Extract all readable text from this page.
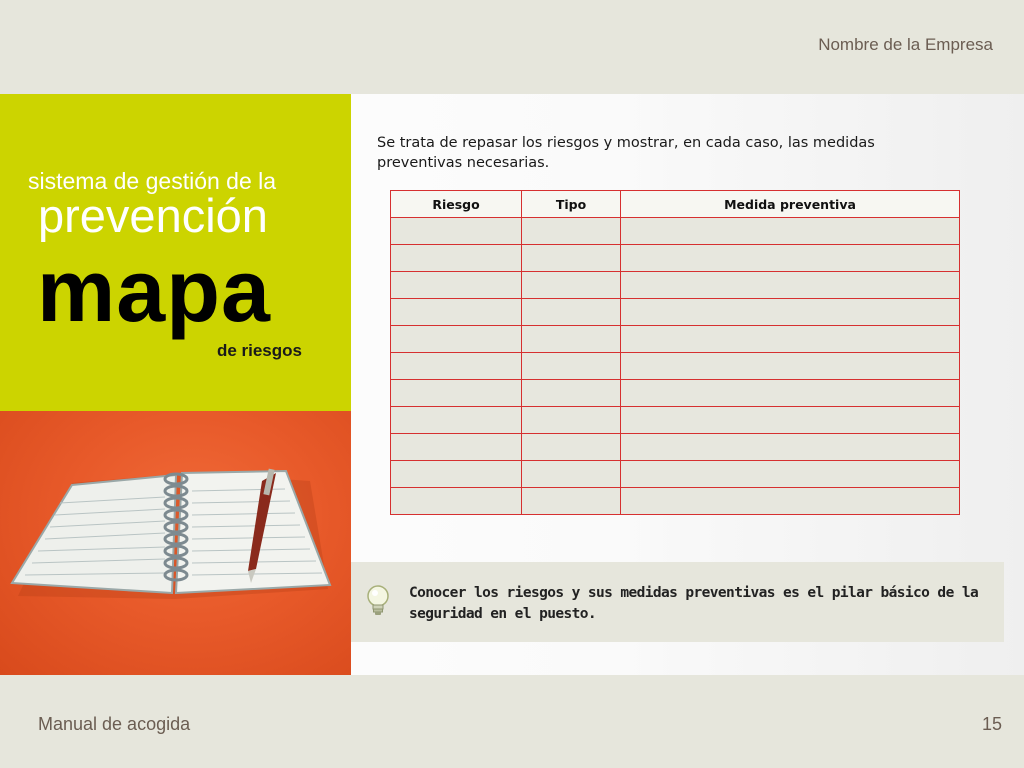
Nombre de la Empresa
sistema de gestión de la
prevención
mapa
de riesgos
Se trata de repasar los riesgos y mostrar, en cada caso, las medidas preventivas necesarias.
Riesgo	Tipo	Medida preventiva

Conocer los riesgos y sus medidas preventivas es el pilar básico de la seguridad en el puesto.
Manual de acogida	15
